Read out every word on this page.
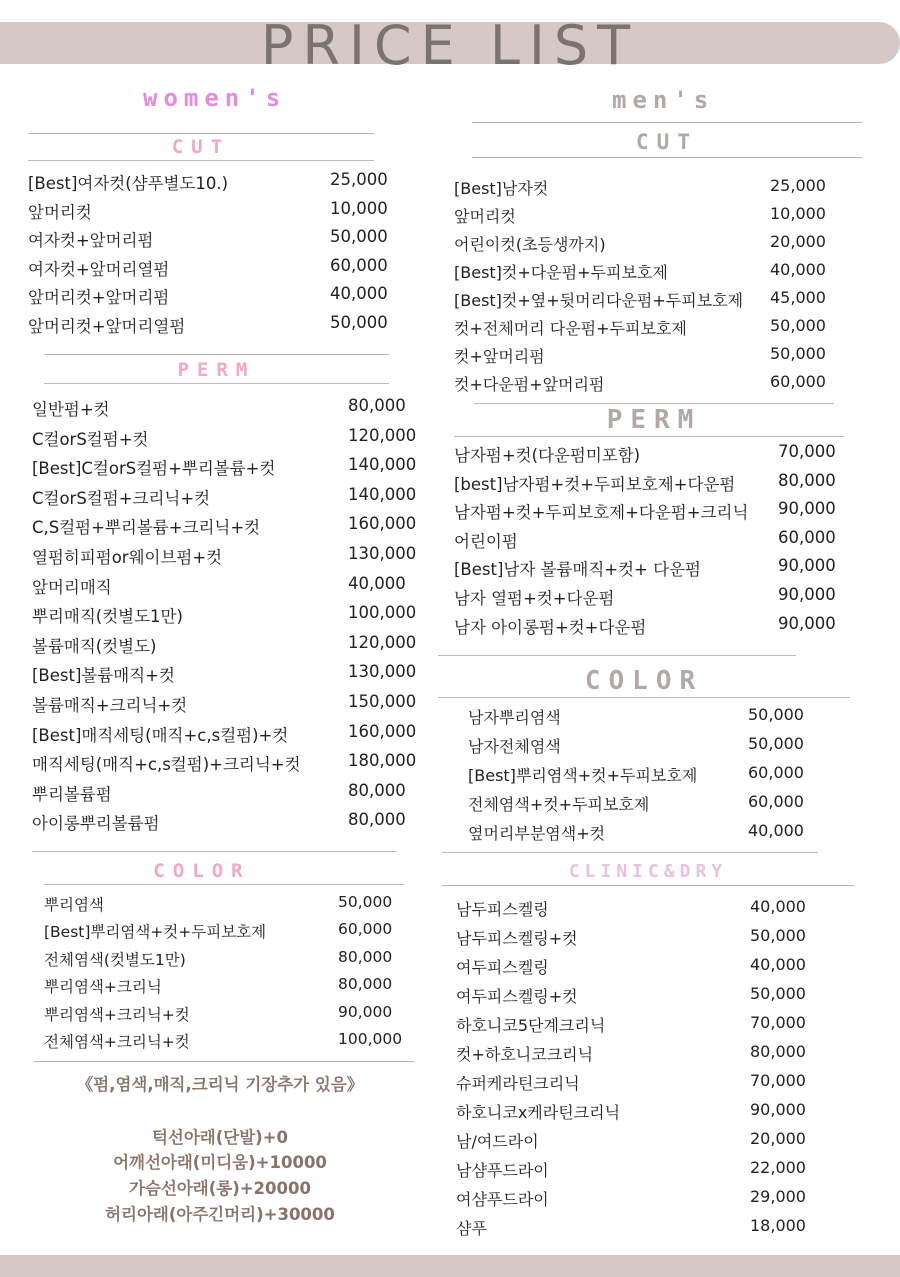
PRICE LIST
women's
CUT
[Best]여자컷(샴푸별도10.)	25,000
앞머리컷	10,000
여자컷+앞머리펌	50,000
여자컷+앞머리열펌	60,000
앞머리컷+앞머리펌	40,000
앞머리컷+앞머리열펌	50,000
PERM
일반펌+컷	80,000
C컬orS컬펌+컷	120,000
[Best]C컬orS컬펌+뿌리볼륨+컷	140,000
C컬orS컬펌+크리닉+컷	140,000
C,S컬펌+뿌리볼륨+크리닉+컷	160,000
열펌히피펌or웨이브펌+컷	130,000
앞머리매직	40,000
뿌리매직(컷별도1만)	100,000
볼륨매직(컷별도)	120,000
[Best]볼륨매직+컷	130,000
볼륨매직+크리닉+컷	150,000
[Best]매직세팅(매직+c,s컬펌)+컷	160,000
매직세팅(매직+c,s컬펌)+크리닉+컷	180,000
뿌리볼륨펌	80,000
아이롱뿌리볼륨펌	80,000
COLOR
뿌리염색	50,000
[Best]뿌리염색+컷+두피보호제	60,000
전체염색(컷별도1만)	80,000
뿌리염색+크리닉	80,000
뿌리염색+크리닉+컷	90,000
전체염색+크리닉+컷	100,000
《펌,염색,매직,크리닉 기장추가 있음》
턱선아래(단발)+0
어깨선아래(미디움)+10000
가슴선아래(롱)+20000
허리아래(아주긴머리)+30000
men's
CUT
[Best]남자컷	25,000
앞머리컷	10,000
어린이컷(초등생까지)	20,000
[Best]컷+다운펌+두피보호제	40,000
[Best]컷+옆+뒷머리다운펌+두피보호제 45,000
컷+전체머리 다운펌+두피보호제	50,000
컷+앞머리펌	50,000
컷+다운펌+앞머리펌	60,000
PERM
남자펌+컷(다운펌미포함)	70,000
[best]남자펌+컷+두피보호제+다운펌	80,000
남자펌+컷+두피보호제+다운펌+크리닉 90,000
어린이펌	60,000
[Best]남자 볼륨매직+컷+ 다운펌	90,000
남자 열펌+컷+다운펌	90,000
남자 아이롱펌+컷+다운펌	90,000
COLOR
남자뿌리염색	50,000
남자전체염색	50,000
[Best]뿌리염색+컷+두피보호제	60,000
전체염색+컷+두피보호제	60,000
옆머리부분염색+컷	40,000
CLINIC&DRY
남두피스켈링	40,000
남두피스켈링+컷	50,000
여두피스켈링	40,000
여두피스켈링+컷	50,000
하호니코5단계크리닉	70,000
컷+하호니코크리닉	80,000
슈퍼케라틴크리닉	70,000
하호니코x케라틴크리닉	90,000
남/여드라이	20,000
남샴푸드라이	22,000
여샴푸드라이	29,000
샴푸	18,000
